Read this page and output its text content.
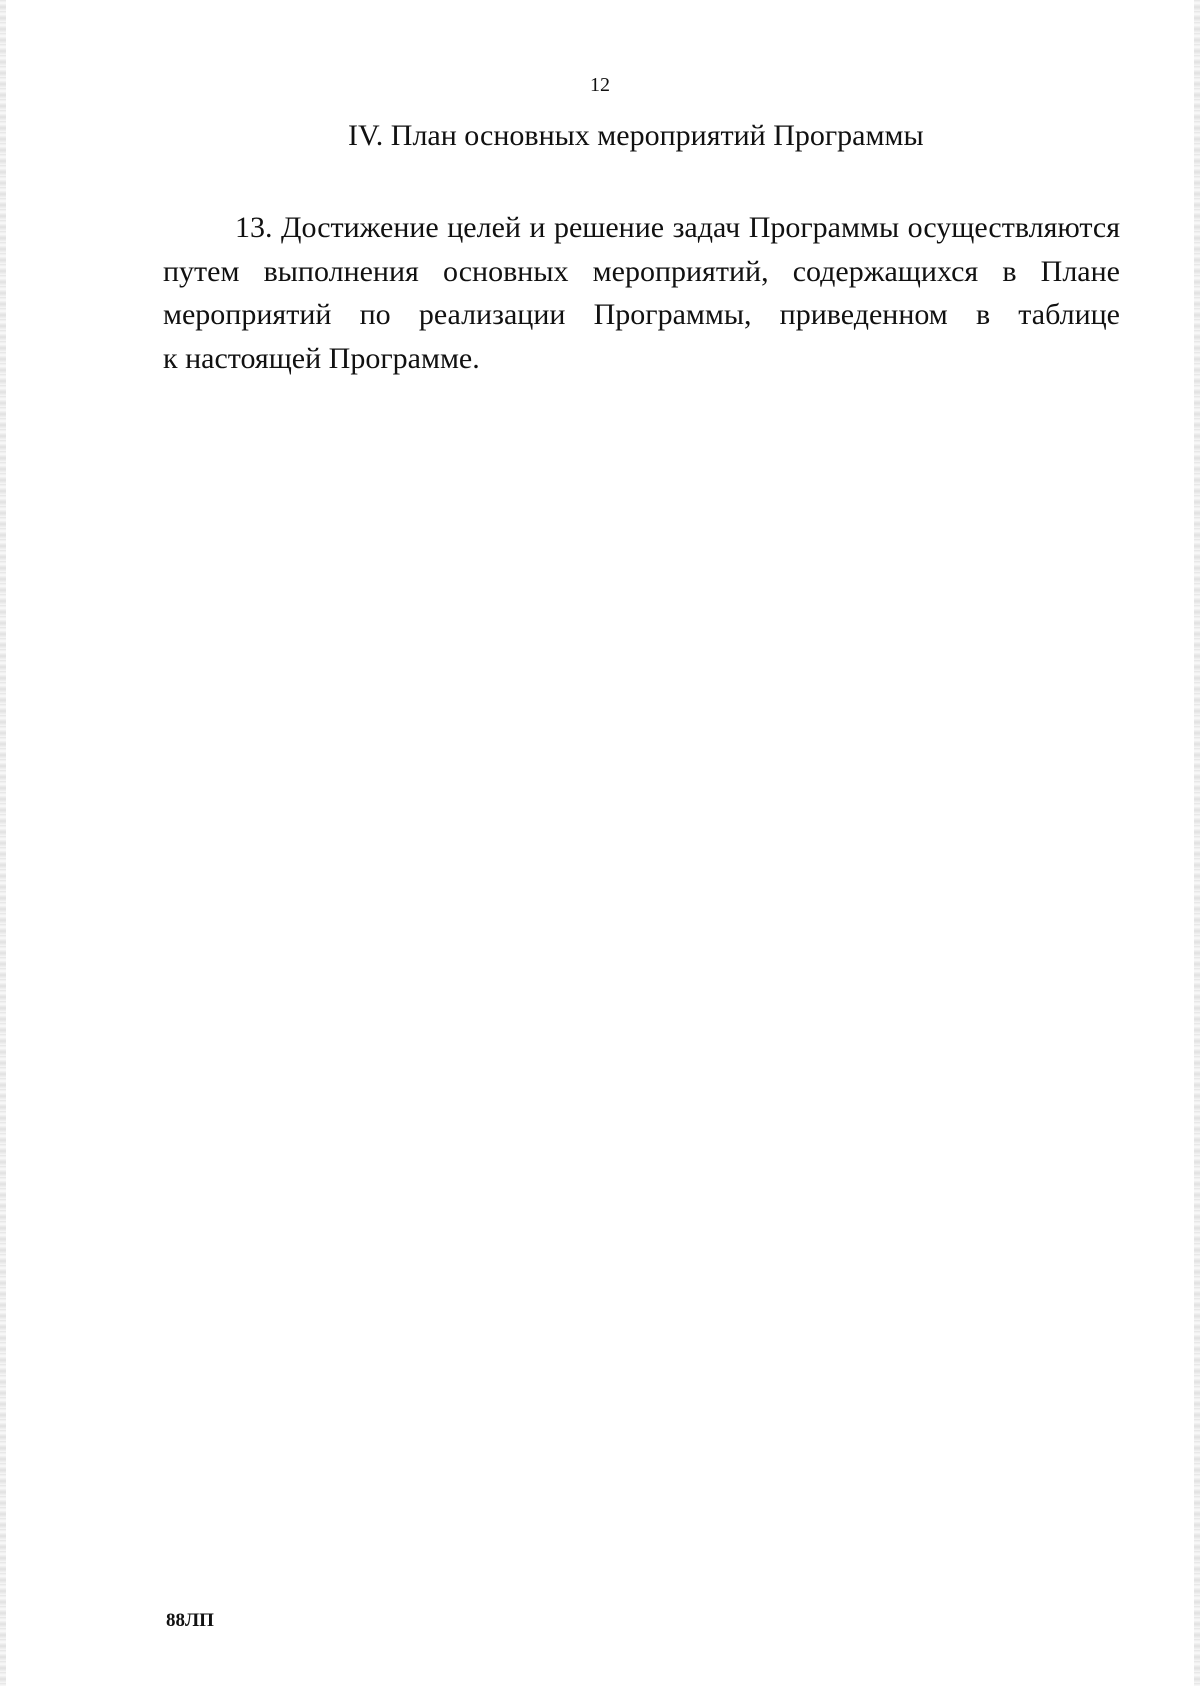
12
IV. План основных мероприятий Программы
13. Достижение целей и решение задач Программы осуществляются
путем выполнения основных мероприятий, содержащихся в Плане
мероприятий по реализации Программы, приведенном в таблице
к настоящей Программе.
88ЛП
